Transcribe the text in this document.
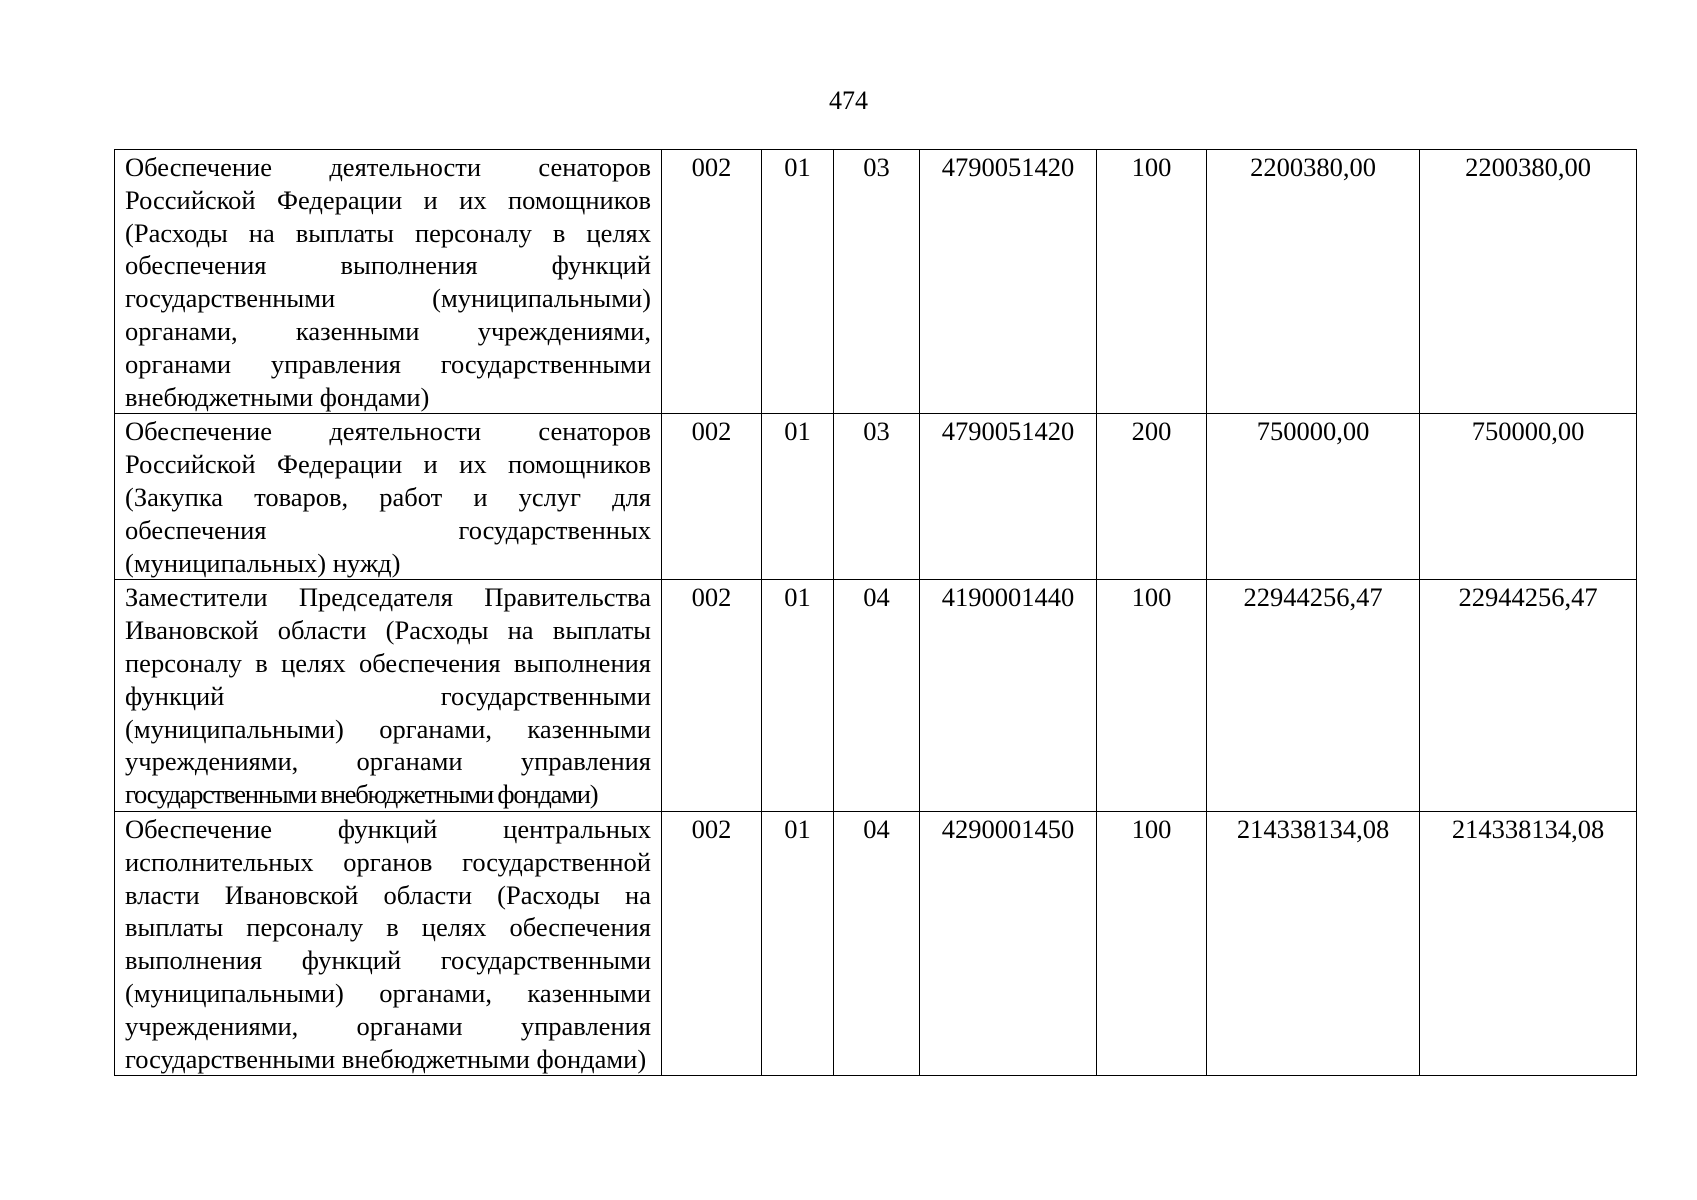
474
Обеспечение деятельности сенаторов Российской Федерации и их помощников (Расходы на выплаты персоналу в целях обеспечения выполнения функций государственными (муниципальными) органами, казенными учреждениями, органами управления государственными внебюджетными фондами)	002	01	03	4790051420	100	2200380,00	2200380,00
Обеспечение деятельности сенаторов Российской Федерации и их помощников (Закупка товаров, работ и услуг для обеспечения государственных (муниципальных) нужд)	002	01	03	4790051420	200	750000,00	750000,00
Заместители Председателя Правительства Ивановской области (Расходы на выплаты персоналу в целях обеспечения выполнения функций государственными (муниципальными) органами, казенными учреждениями, органами управления государственными внебюджетными фондами)	002	01	04	4190001440	100	22944256,47	22944256,47
Обеспечение функций центральных исполнительных органов государственной власти Ивановской области (Расходы на выплаты персоналу в целях обеспечения выполнения функций государственными (муниципальными) органами, казенными учреждениями, органами управления государственными внебюджетными фондами)	002	01	04	4290001450	100	214338134,08	214338134,08
